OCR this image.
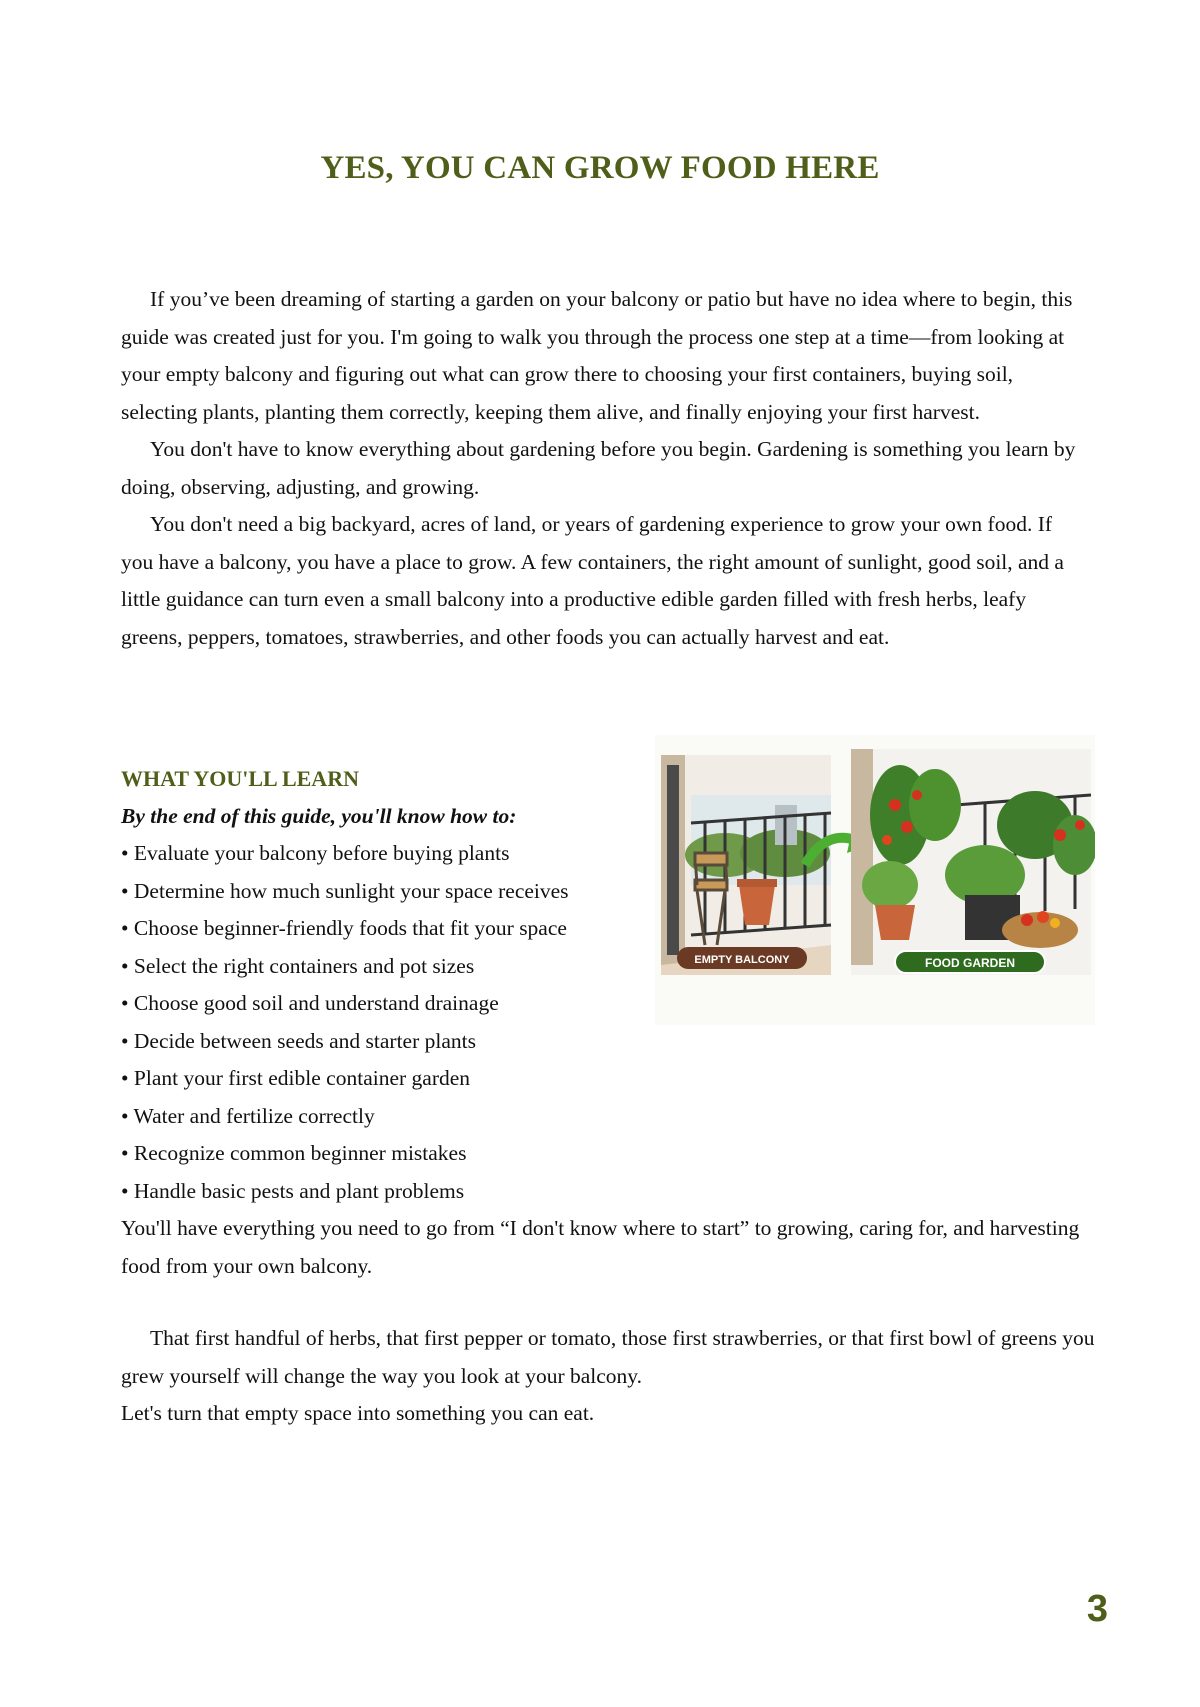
YES, YOU CAN GROW FOOD HERE

If you’ve been dreaming of starting a garden on your balcony or patio but have no idea where to begin, this guide was created just for you. I'm going to walk you through the process one step at a time—from looking at your empty balcony and figuring out what can grow there to choosing your first containers, buying soil, selecting plants, planting them correctly, keeping them alive, and finally enjoying your first harvest.

You don't have to know everything about gardening before you begin. Gardening is something you learn by doing, observing, adjusting, and growing.

You don't need a big backyard, acres of land, or years of gardening experience to grow your own food. If you have a balcony, you have a place to grow. A few containers, the right amount of sunlight, good soil, and a little guidance can turn even a small balcony into a productive edible garden filled with fresh herbs, leafy greens, peppers, tomatoes, strawberries, and other foods you can actually harvest and eat.

WHAT YOU'LL LEARN

By the end of this guide, you'll know how to:

• Evaluate your balcony before buying plants
• Determine how much sunlight your space receives
• Choose beginner-friendly foods that fit your space
• Select the right containers and pot sizes
• Choose good soil and understand drainage
• Decide between seeds and starter plants
• Plant your first edible container garden
• Water and fertilize correctly
• Recognize common beginner mistakes
• Handle basic pests and plant problems

You'll have everything you need to go from “I don't know where to start” to growing, caring for, and harvesting food from your own balcony.

That first handful of herbs, that first pepper or tomato, those first strawberries, or that first bowl of greens you grew yourself will change the way you look at your balcony.

Let's turn that empty space into something you can eat.

EMPTY BALCONY	FOOD GARDEN
3
